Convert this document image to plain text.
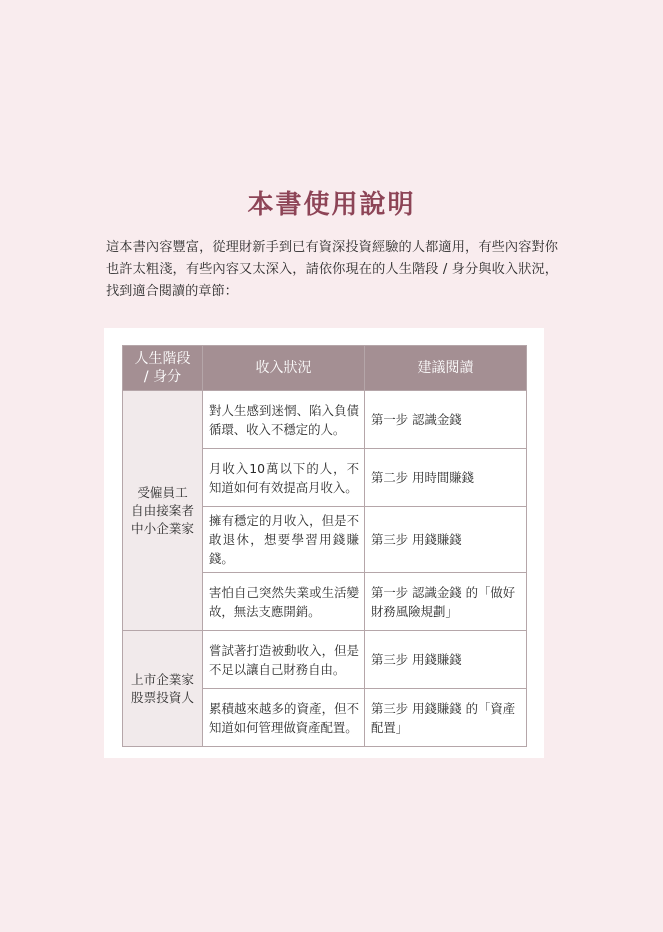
本書使用說明
這本書內容豐富，從理財新手到已有資深投資經驗的人都適用，有些內容對你也許太粗淺，有些內容又太深入，請依你現在的人生階段 / 身分與收入狀況，找到適合閱讀的章節：
人生階段
/ 身分	收入狀況	建議閱讀

受僱員工
自由接案者
中小企業家	對人生感到迷惘、陷入負債循環、收入不穩定的人。	第一步 認識金錢
	月收入10萬以下的人，不知道如何有效提高月收入。	第二步 用時間賺錢
	擁有穩定的月收入，但是不敢退休，想要學習用錢賺錢。	第三步 用錢賺錢
	害怕自己突然失業或生活變故，無法支應開銷。	第一步 認識金錢 的「做好財務風險規劃」

上市企業家
股票投資人	嘗試著打造被動收入，但是不足以讓自己財務自由。	第三步 用錢賺錢
	累積越來越多的資產，但不知道如何管理做資產配置。	第三步 用錢賺錢 的「資產配置」
